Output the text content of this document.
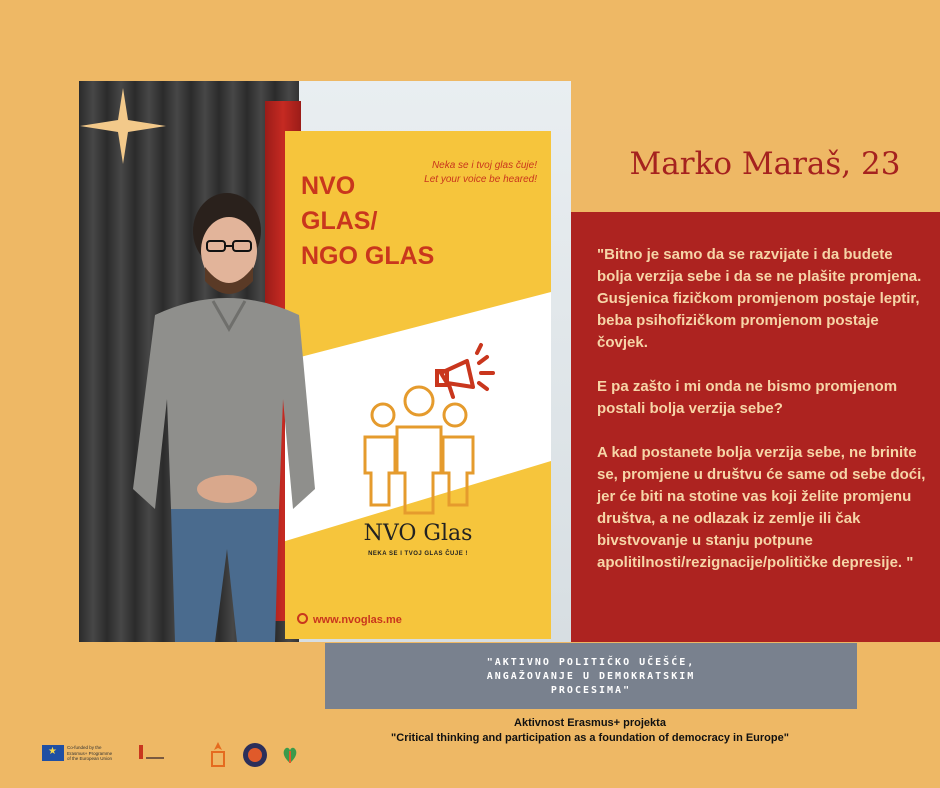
NVO
GLAS/
NGO GLAS
Neka se i tvoj glas čuje!
Let your voice be heared!
NVO Glas
NEKA SE I TVOJ GLAS ČUJE !
www.nvoglas.me
Marko Maraš, 23

"Bitno je samo da se razvijate i da budete bolja verzija sebe i da se ne plašite promjena. Gusjenica fizičkom promjenom postaje leptir, beba psihofizičkom promjenom postaje čovjek.

E pa zašto i mi onda ne bismo promjenom postali bolja verzija sebe?

A kad postanete bolja verzija sebe, ne brinite se, promjene u društvu će same od sebe doći, jer će biti na stotine vas koji želite promjenu društva, a ne odlazak iz zemlje ili čak bivstvovanje u stanju potpune apolitilnosti/rezignacije/političke depresije. "

"AKTIVNO POLITIČKO UČEŠĆE,
ANGAŽOVANJE U DEMOKRATSKIM
PROCESIMA"
Aktivnost Erasmus+ projekta
"Critical thinking and participation as a foundation of democracy in Europe"
★
Co-funded by the
Erasmus+ Programme
of the European Union
